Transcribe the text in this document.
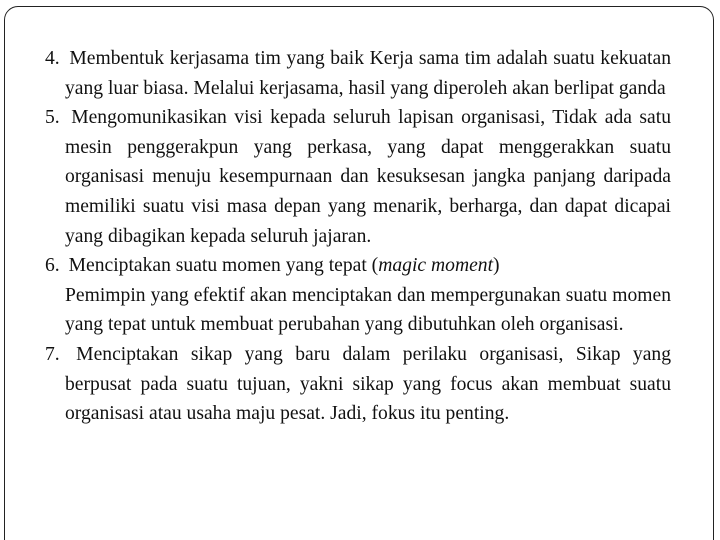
4. Membentuk kerjasama tim yang baik Kerja sama tim adalah suatu kekuatan yang luar biasa. Melalui kerjasama, hasil yang diperoleh akan berlipat ganda

5. Mengomunikasikan visi kepada seluruh lapisan organisasi, Tidak ada satu mesin penggerakpun yang perkasa, yang dapat menggerakkan suatu organisasi menuju kesempurnaan dan kesuksesan jangka panjang daripada memiliki suatu visi masa depan yang menarik, berharga, dan dapat dicapai yang dibagikan kepada seluruh jajaran.

6. Menciptakan suatu momen yang tepat (magic moment)
Pemimpin yang efektif akan menciptakan dan mempergunakan suatu momen yang tepat untuk membuat perubahan yang dibutuhkan oleh organisasi.

7. Menciptakan sikap yang baru dalam perilaku organisasi, Sikap yang berpusat pada suatu tujuan, yakni sikap yang focus akan membuat suatu organisasi atau usaha maju pesat. Jadi, fokus itu penting.
